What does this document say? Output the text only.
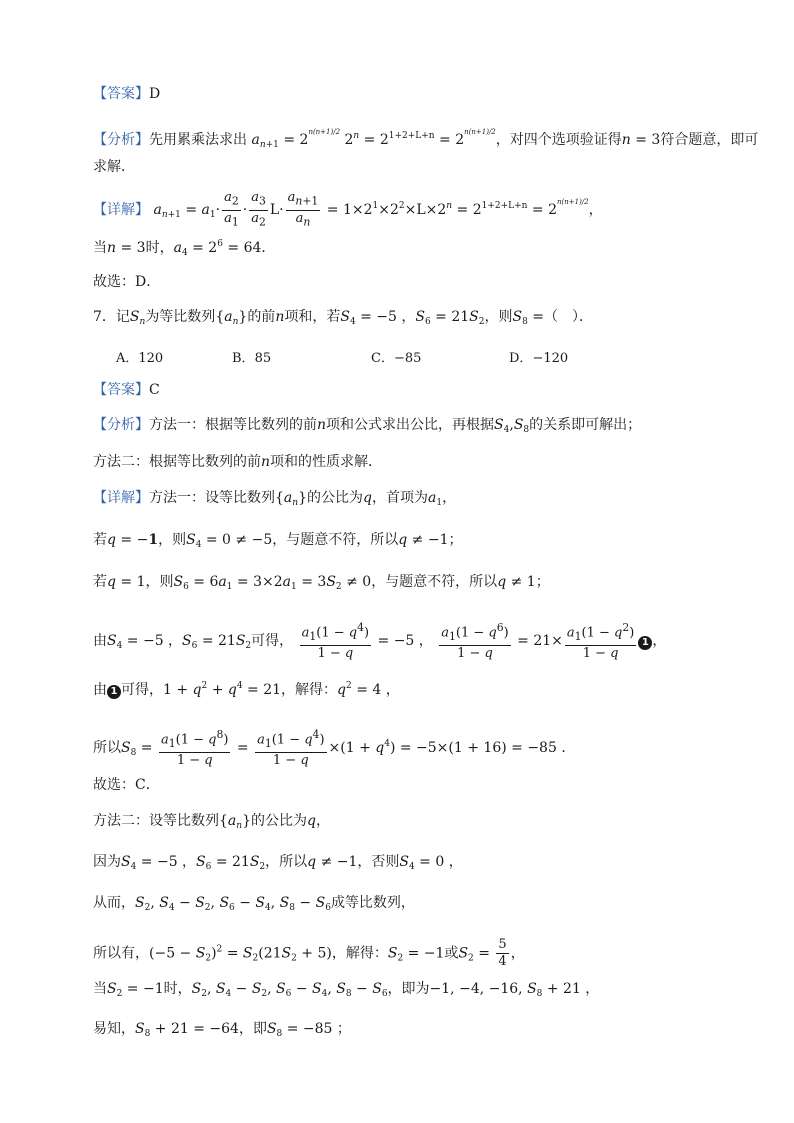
【答案】D
【分析】先用累乘法求出 $a_{n+1} = 2^{n(n+1)/2}$ $2^n = 2^{1+2+L+n} = 2^{n(n+1)/2}$，对四个选项验证得n = 3符合题意，即可
求解．
【详解】 $a_{n+1} = a_1\cdot \frac{a_2}{a_1} \cdot \frac{a_3}{a_2} L\cdot \frac{a_{n+1}}{a_n} = 1\times 2^1\times 2^2\times L\times 2^n = 2^{1+2+L+n} = 2^{n(n+1)/2}$，
当n = 3时，$a_4 = 2^6 = 64$．
故选：D．
7．记$S_n$为等比数列$\{a_n\}$的前n项和，若$S_4 = -5$ ，$S_6 = 21S_2$，则$S_8$ =（　）．
A．120	B．85	C．−85	D．−120
【答案】C
【分析】方法一：根据等比数列的前n项和公式求出公比，再根据$S_4,S_8$的关系即可解出；
方法二：根据等比数列的前n项和的性质求解．
【详解】方法一：设等比数列$\{a_n\}$的公比为q，首项为$a_1$，
若q = −1，则$S_4 = 0 \ne -5$，与题意不符，所以q ≠ −1；
若q = 1，则$S_6 = 6a_1 = 3\times 2a_1 = 3S_2 \ne 0$，与题意不符，所以q ≠ 1；
由$S_4 = -5$ ，$S_6 = 21S_2$可得， $\frac{a_1(1 - q^4)}{1 - q} = -5$ ， $\frac{a_1(1 - q^6)}{1 - q} = 21\times \frac{a_1(1 - q^2)}{1 - q} 1$ ，
由 1 可得，$1 + q^2 + q^4 = 21$，解得：$q^2 = 4$ ，
所以$S_8 = \frac{a_1(1 - q^8)}{1 - q} = \frac{a_1(1 - q^4)}{1 - q} \times(1 + q^4) = -5\times(1 + 16) = -85$ ．
故选：C．
方法二：设等比数列$\{a_n\}$的公比为q，
因为$S_4 = -5$ ，$S_6 = 21S_2$，所以q ≠ −1，否则$S_4 = 0$ ，
从而，$S_2$, $S_4 - S_2$, $S_6 - S_4$, $S_8 - S_6$成等比数列，
所以有，$(-5 - S_2)^2 = S_2(21S_2 + 5)$，解得：$S_2 = -1$或$S_2 = \frac{5}{4}$ ，
当$S_2 = -1$时，$S_2$, $S_4 - S_2$, $S_6 - S_4$, $S_8 - S_6$，即为−1, −4, −16, $S_8 + 21$ ，
易知，$S_8 + 21 = -64$，即$S_8 = -85$ ；
